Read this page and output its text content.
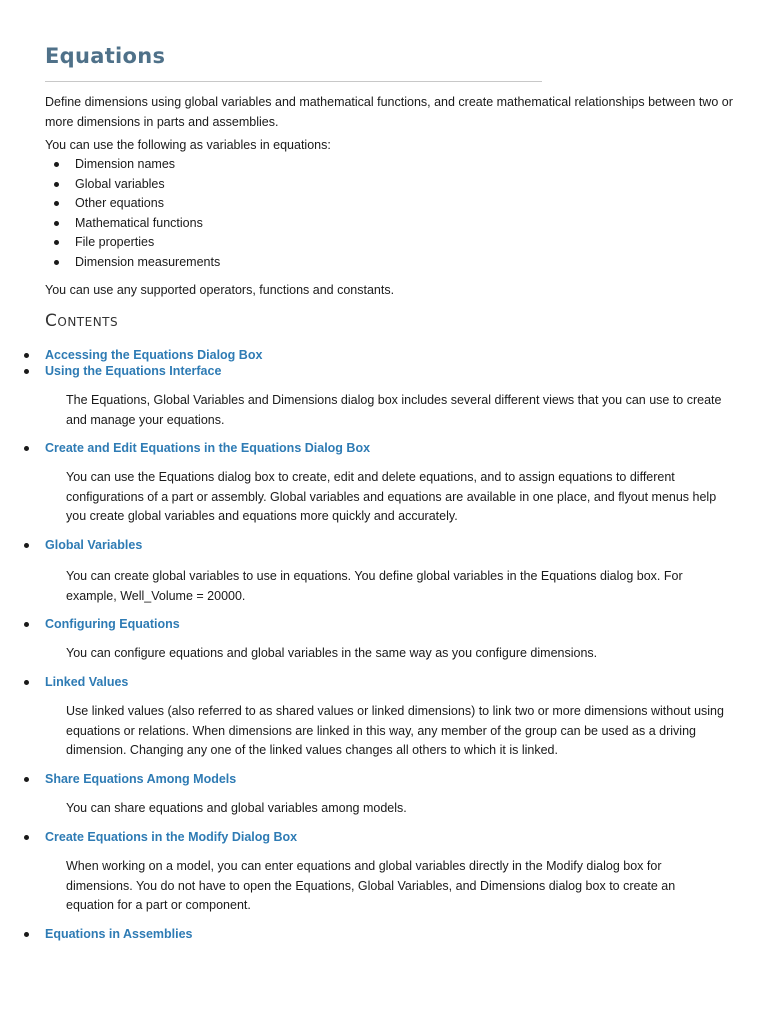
Equations

Define dimensions using global variables and mathematical functions, and create mathematical relationships between two or more dimensions in parts and assemblies.

You can use the following as variables in equations:

Dimension names
Global variables
Other equations
Mathematical functions
File properties
Dimension measurements

You can use any supported operators, functions and constants.

Contents
Accessing the Equations Dialog Box
Using the Equations Interface

The Equations, Global Variables and Dimensions dialog box includes several different views that you can use to create and manage your equations.

Create and Edit Equations in the Equations Dialog Box

You can use the Equations dialog box to create, edit and delete equations, and to assign equations to different configurations of a part or assembly. Global variables and equations are available in one place, and flyout menus help you create global variables and equations more quickly and accurately.

Global Variables

You can create global variables to use in equations. You define global variables in the Equations dialog box. For example, Well_Volume = 20000.

Configuring Equations

You can configure equations and global variables in the same way as you configure dimensions.

Linked Values

Use linked values (also referred to as shared values or linked dimensions) to link two or more dimensions without using equations or relations. When dimensions are linked in this way, any member of the group can be used as a driving dimension. Changing any one of the linked values changes all others to which it is linked.

Share Equations Among Models

You can share equations and global variables among models.

Create Equations in the Modify Dialog Box

When working on a model, you can enter equations and global variables directly in the Modify dialog box for dimensions. You do not have to open the Equations, Global Variables, and Dimensions dialog box to create an equation for a part or component.

Equations in Assemblies
